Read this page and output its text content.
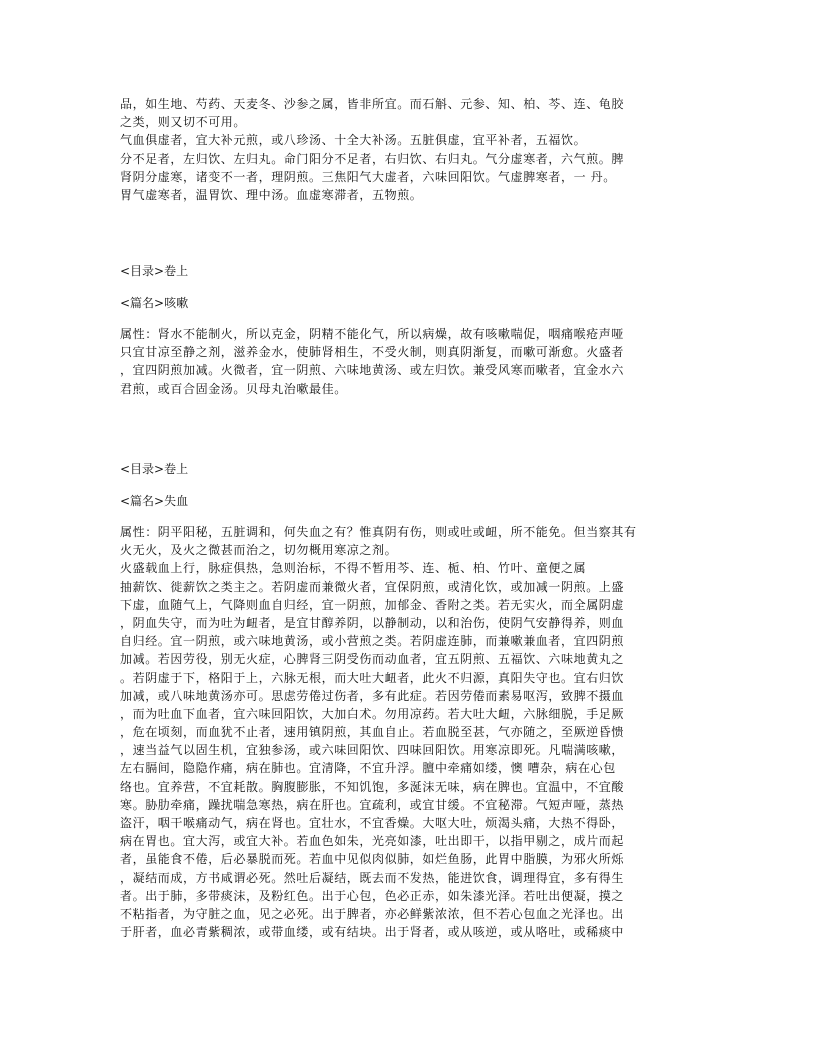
品，如生地、芍药、天麦冬、沙参之属，皆非所宜。而石斛、元参、知、柏、芩、连、龟胶
之类，则又切不可用。
气血俱虚者，宜大补元煎，或八珍汤、十全大补汤。五脏俱虚，宜平补者，五福饮。
分不足者，左归饮、左归丸。命门阳分不足者，右归饮、右归丸。气分虚寒者，六气煎。脾
肾阴分虚寒，诸变不一者，理阴煎。三焦阳气大虚者，六味回阳饮。气虚脾寒者，一 丹。
胃气虚寒者，温胃饮、理中汤。血虚寒滞者，五物煎。
<目录>卷上
<篇名>咳嗽
属性：肾水不能制火，所以克金，阴精不能化气，所以病燥，故有咳嗽喘促，咽痛喉疮声哑
只宜甘凉至静之剂，滋养金水，使肺肾相生，不受火制，则真阴渐复，而嗽可渐愈。火盛者
，宜四阴煎加减。火微者，宜一阴煎、六味地黄汤、或左归饮。兼受风寒而嗽者，宜金水六
君煎，或百合固金汤。贝母丸治嗽最佳。
<目录>卷上
<篇名>失血
属性：阴平阳秘，五脏调和，何失血之有？惟真阴有伤，则或吐或衄，所不能免。但当察其有
火无火，及火之微甚而治之，切勿概用寒凉之剂。
火盛载血上行，脉症俱热，急则治标，不得不暂用芩、连、栀、柏、竹叶、童便之属
抽薪饮、徙薪饮之类主之。若阴虚而兼微火者，宜保阴煎，或清化饮，或加减一阴煎。上盛
下虚，血随气上，气降则血自归经，宜一阴煎，加郁金、香附之类。若无实火，而全属阴虚
，阴血失守，而为吐为衄者，是宜甘醇养阴，以静制动，以和治伤，使阴气安静得养，则血
自归经。宜一阴煎，或六味地黄汤，或小营煎之类。若阴虚连肺，而兼嗽兼血者，宜四阴煎
加减。若因劳役，别无火症，心脾肾三阴受伤而动血者，宜五阴煎、五福饮、六味地黄丸之
。若阴虚于下，格阳于上，六脉无根，而大吐大衄者，此火不归源，真阳失守也。宜右归饮
加减，或八味地黄汤亦可。思虑劳倦过伤者，多有此症。若因劳倦而素易呕泻，致脾不摄血
，而为吐血下血者，宜六味回阳饮，大加白术。勿用凉药。若大吐大衄，六脉细脱，手足厥
，危在顷刻，而血犹不止者，速用镇阴煎，其血自止。若血脱至甚，气亦随之，至厥逆昏愦
，速当益气以固生机，宜独参汤，或六味回阳饮、四味回阳饮。用寒凉即死。凡喘满咳嗽，
左右膈间，隐隐作痛，病在肺也。宜清降，不宜升浮。膻中牵痛如缕，懊 嘈杂，病在心包
络也。宜养营，不宜耗散。胸腹膨胀，不知饥饱，多涎沫无味，病在脾也。宜温中，不宜酸
寒。胁肋牵痛，躁扰喘急寒热，病在肝也。宜疏利，或宜甘缓。不宜秘滞。气短声哑，蒸热
盗汗，咽干喉痛动气，病在肾也。宜壮水，不宜香燥。大呕大吐，烦渴头痛，大热不得卧，
病在胃也。宜大泻，或宜大补。若血色如朱，光亮如漆，吐出即干，以指甲剔之，成片而起
者，虽能食不倦，后必暴脱而死。若血中见似肉似肺，如烂鱼肠，此胃中脂膜，为邪火所烁
，凝结而成，方书咸谓必死。然吐后凝结，既去而不发热，能进饮食，调理得宜，多有得生
者。出于肺，多带痰沫，及粉红色。出于心包，色必正赤，如朱漆光泽。若吐出便凝，摸之
不粘指者，为守脏之血，见之必死。出于脾者，亦必鲜紫浓浓，但不若心包血之光泽也。出
于肝者，血必青紫稠浓，或带血缕，或有结块。出于肾者，或从咳逆，或从咯吐，或稀痰中
